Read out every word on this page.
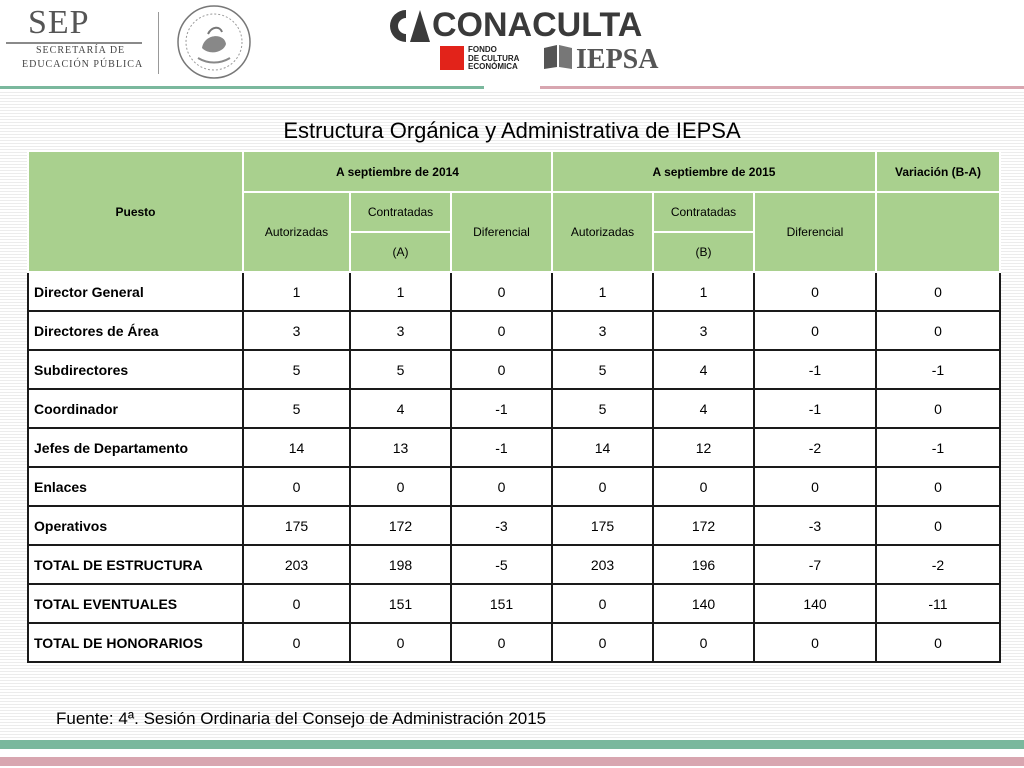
SEP
SECRETARÍA DE
EDUCACIÓN PÚBLICA
CONACULTA
FONDO
DE CULTURA
ECONÓMICA IEPSA
Estructura Orgánica y Administrativa de IEPSA
Puesto	A septiembre de 2014			A septiembre de 2015			Variación (B-A)
	Autorizadas	Contratadas	Diferencial	Autorizadas	Contratadas	Diferencial	
		(A)			(B)		
Director General	1	1	0	1	1	0	0
Directores de Área	3	3	0	3	3	0	0
Subdirectores	5	5	0	5	4	-1	-1
Coordinador	5	4	-1	5	4	-1	0
Jefes de Departamento	14	13	-1	14	12	-2	-1
Enlaces	0	0	0	0	0	0	0
Operativos	175	172	-3	175	172	-3	0
TOTAL DE ESTRUCTURA	203	198	-5	203	196	-7	-2
TOTAL EVENTUALES	0	151	151	0	140	140	-11
TOTAL DE HONORARIOS	0	0	0	0	0	0	0
Fuente: 4ª. Sesión Ordinaria del Consejo de Administración 2015
